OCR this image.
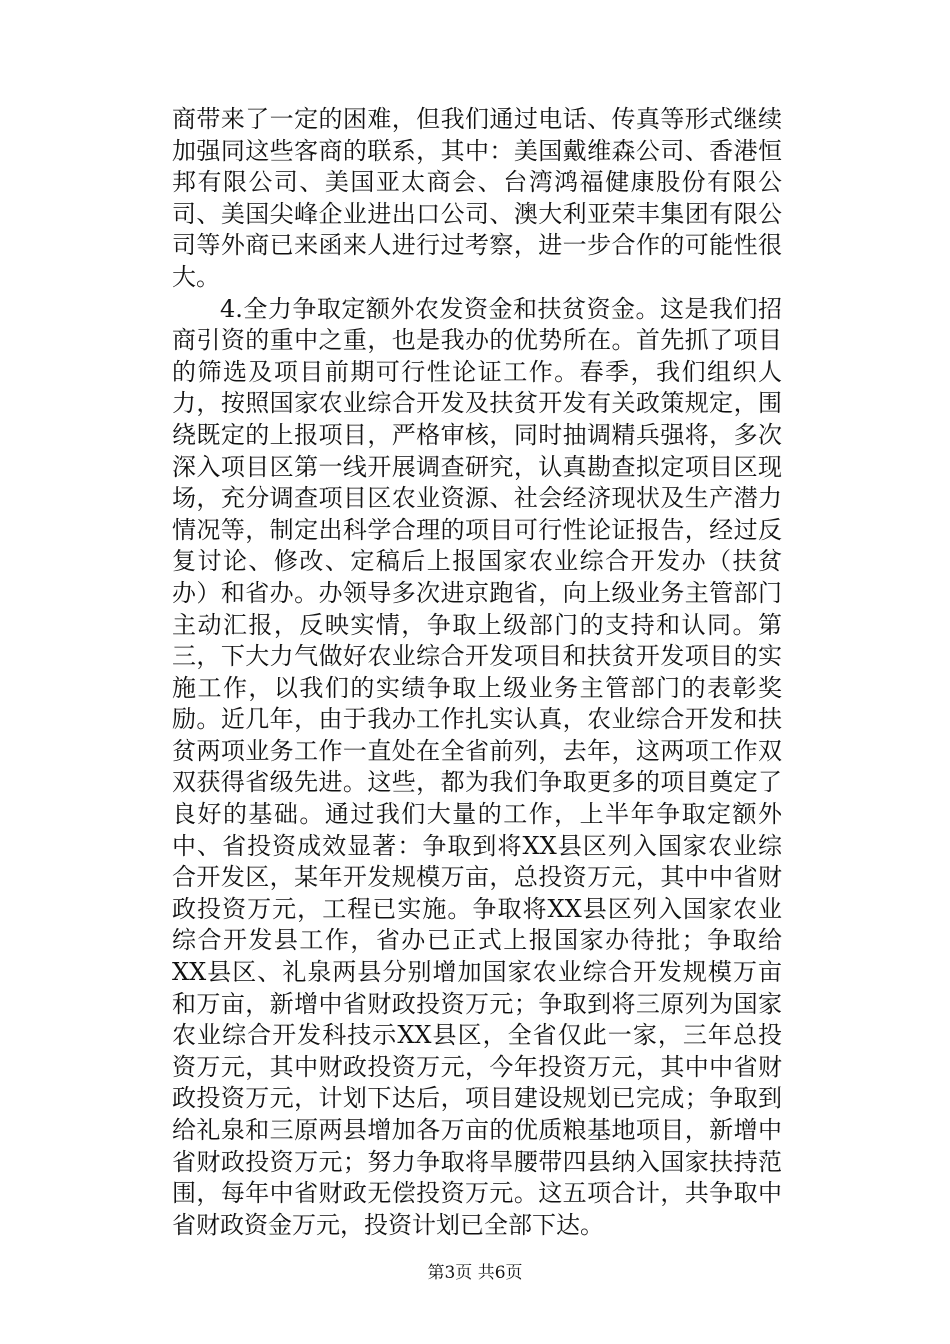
商带来了一定的困难，但我们通过电话、传真等形式继续加强同这些客商的联系，其中：美国戴维森公司、香港恒邦有限公司、美国亚太商会、台湾鸿福健康股份有限公司、美国尖峰企业进出口公司、澳大利亚荣丰集团有限公司等外商已来函来人进行过考察，进一步合作的可能性很大。

4.全力争取定额外农发资金和扶贫资金。这是我们招商引资的重中之重，也是我办的优势所在。首先抓了项目的筛选及项目前期可行性论证工作。春季，我们组织人力，按照国家农业综合开发及扶贫开发有关政策规定，围绕既定的上报项目，严格审核，同时抽调精兵强将，多次深入项目区第一线开展调查研究，认真勘查拟定项目区现场，充分调查项目区农业资源、社会经济现状及生产潜力情况等，制定出科学合理的项目可行性论证报告，经过反复讨论、修改、定稿后上报国家农业综合开发办（扶贫办）和省办。办领导多次进京跑省，向上级业务主管部门主动汇报，反映实情，争取上级部门的支持和认同。第三，下大力气做好农业综合开发项目和扶贫开发项目的实施工作，以我们的实绩争取上级业务主管部门的表彰奖励。近几年，由于我办工作扎实认真，农业综合开发和扶贫两项业务工作一直处在全省前列，去年，这两项工作双双获得省级先进。这些，都为我们争取更多的项目奠定了良好的基础。通过我们大量的工作，上半年争取定额外中、省投资成效显著：争取到将XX县区列入国家农业综合开发区，某年开发规模万亩，总投资万元，其中中省财政投资万元，工程已实施。争取将XX县区列入国家农业综合开发县工作，省办已正式上报国家办待批；争取给XX县区、礼泉两县分别增加国家农业综合开发规模万亩和万亩，新增中省财政投资万元；争取到将三原列为国家农业综合开发科技示XX县区，全省仅此一家，三年总投资万元，其中财政投资万元，今年投资万元，其中中省财政投资万元，计划下达后，项目建设规划已完成；争取到给礼泉和三原两县增加各万亩的优质粮基地项目，新增中省财政投资万元；努力争取将旱腰带四县纳入国家扶持范围，每年中省财政无偿投资万元。这五项合计，共争取中省财政资金万元，投资计划已全部下达。

第3页 共6页
